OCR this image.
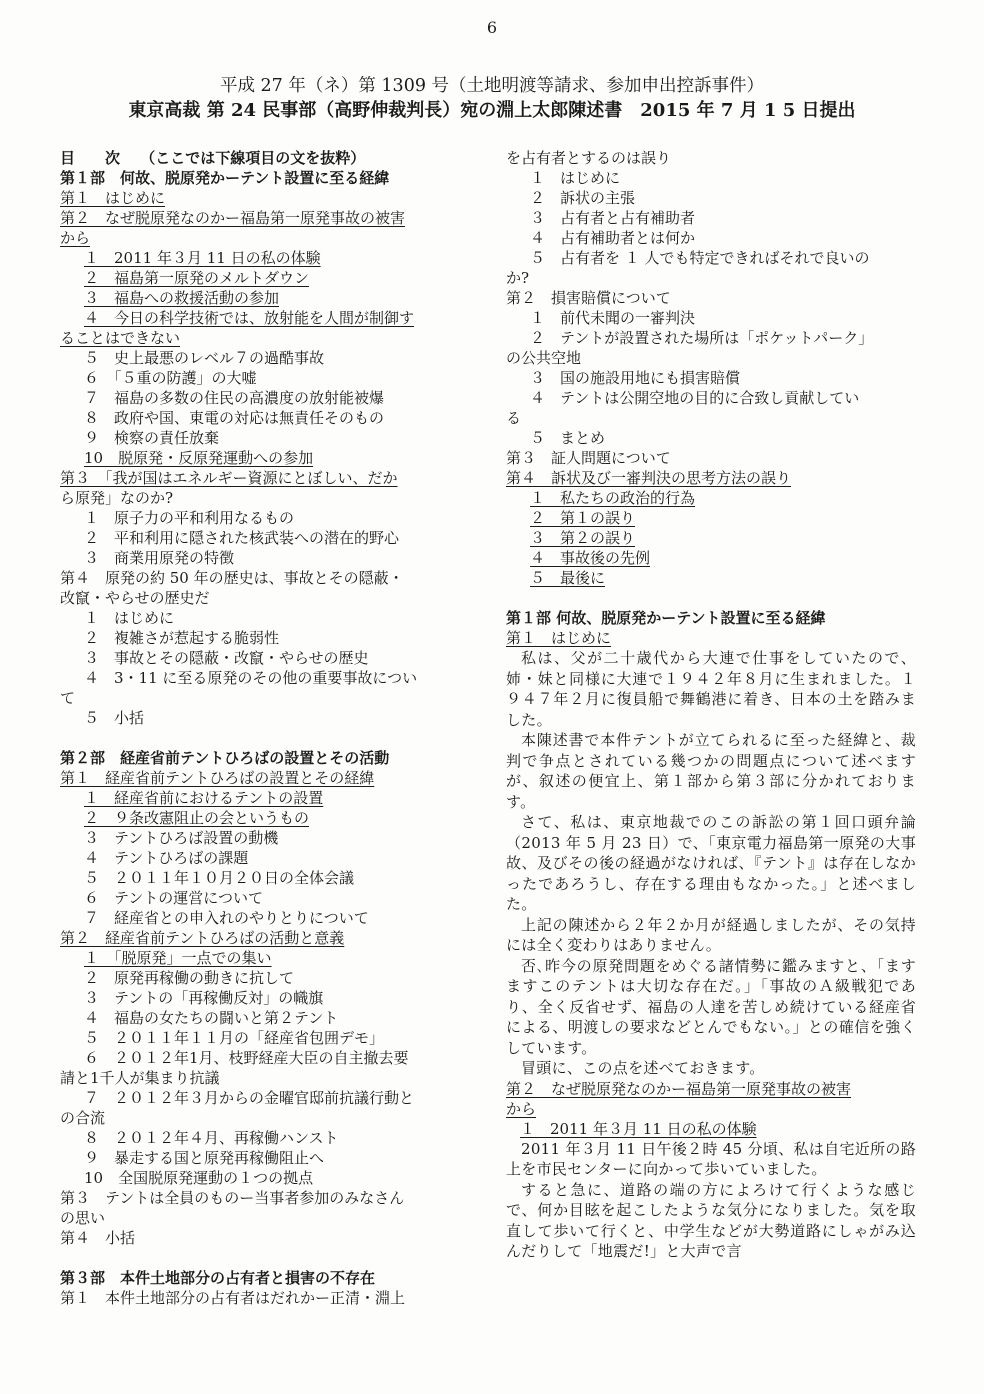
6
平成 27 年（ネ）第 1309 号（土地明渡等請求、参加申出控訴事件）
東京高裁 第 24 民事部（高野伸裁判長）宛の淵上太郎陳述書　2015 年 7 月 1 5 日提出
目　　次　 （ここでは下線項目の文を抜粋）
第１部　何故、脱原発かーテント設置に至る経緯
第１　はじめに
第２　なぜ脱原発なのかー福島第一原発事故の被害
から
１　2011 年３月 11 日の私の体験
２　福島第一原発のメルトダウン
３　福島への救援活動の参加
４　今日の科学技術では、放射能を人間が制御す
ることはできない
５　史上最悪のレベル７の過酷事故
６　「５重の防護」の大嘘
７　福島の多数の住民の高濃度の放射能被爆
８　政府や国、東電の対応は無責任そのもの
９　検察の責任放棄
10　脱原発・反原発運動への参加
第３　「我が国はエネルギー資源にとぼしい、だか
ら原発」なのか?
１　原子力の平和利用なるもの
２　平和利用に隠された核武装への潜在的野心
３　商業用原発の特徴
第４　原発の約 50 年の歴史は、事故とその隠蔽・
改竄・やらせの歴史だ
１　はじめに
２　複雑さが惹起する脆弱性
３　事故とその隠蔽・改竄・やらせの歴史
４　3・11 に至る原発のその他の重要事故につい
て
５　小括
第２部　経産省前テントひろばの設置とその活動
第１　経産省前テントひろばの設置とその経緯
１　経産省前におけるテントの設置
２　９条改憲阻止の会というもの
３　テントひろば設置の動機
４　テントひろばの課題
５　２０１１年１０月２０日の全体会議
６　テントの運営について
７　経産省との申入れのやりとりについて
第２　経産省前テントひろばの活動と意義
１　「脱原発」一点での集い
２　原発再稼働の動きに抗して
３　テントの「再稼働反対」の幟旗
４　福島の女たちの闘いと第２テント
５　２０１１年１１月の「経産省包囲デモ」
６　２０１２年1月、枝野経産大臣の自主撤去要
請と1千人が集まり抗議
７　２０１２年３月からの金曜官邸前抗議行動と
の合流
８　２０１２年４月、再稼働ハンスト
９　暴走する国と原発再稼働阻止へ
10　全国脱原発運動の１つの拠点
第３　テントは全員のものー当事者参加のみなさん
の思い
第４　小括
第３部　本件土地部分の占有者と損害の不存在
第１　本件土地部分の占有者はだれかー正清・淵上
を占有者とするのは誤り
１　はじめに
２　訴状の主張
３　占有者と占有補助者
４　占有補助者とは何か
５　占有者を １ 人でも特定できればそれで良いの
か?
第２　損害賠償について
１　前代未聞の一審判決
２　テントが設置された場所は「ポケットパーク」
の公共空地
３　国の施設用地にも損害賠償
４　テントは公開空地の目的に合致し貢献してい
る
５　まとめ
第３　証人問題について
第４　訴状及び一審判決の思考方法の誤り
１　私たちの政治的行為
２　第１の誤り
３　第２の誤り
４　事故後の先例
５　最後に
第１部 何故、脱原発かーテント設置に至る経緯
第１　はじめに

私は、父が二十歳代から大連で仕事をしていたので、姉・妹と同様に大連で１９４２年８月に生まれました。１９４７年２月に復員船で舞鶴港に着き、日本の土を踏みました。

本陳述書で本件テントが立てられるに至った経緯と、裁判で争点とされている幾つかの問題点について述べますが、叙述の便宜上、第１部から第３部に分かれております。

さて、私は、東京地裁でのこの訴訟の第１回口頭弁論（2013 年 5 月 23 日）で、「東京電力福島第一原発の大事故、及びその後の経過がなければ、『テント』は存在しなかったであろうし、存在する理由もなかった。」と述べました。

上記の陳述から２年２か月が経過しましたが、その気持には全く変わりはありません。

否､昨今の原発問題をめぐる諸情勢に鑑みますと、「ますますこのテントは大切な存在だ。」「事故のＡ級戦犯であり、全く反省せず、福島の人達を苦しめ続けている経産省による、明渡しの要求などとんでもない。」との確信を強くしています。

冒頭に、この点を述べておきます。

第２　なぜ脱原発なのかー福島第一原発事故の被害
から
１　2011 年３月 11 日の私の体験

2011 年３月 11 日午後２時 45 分頃、私は自宅近所の路上を市民センターに向かって歩いていました。

すると急に、道路の端の方によろけて行くような感じで、何か目眩を起こしたような気分になりました。気を取直して歩いて行くと、中学生などが大勢道路にしゃがみ込んだりして「地震だ!」と大声で言
